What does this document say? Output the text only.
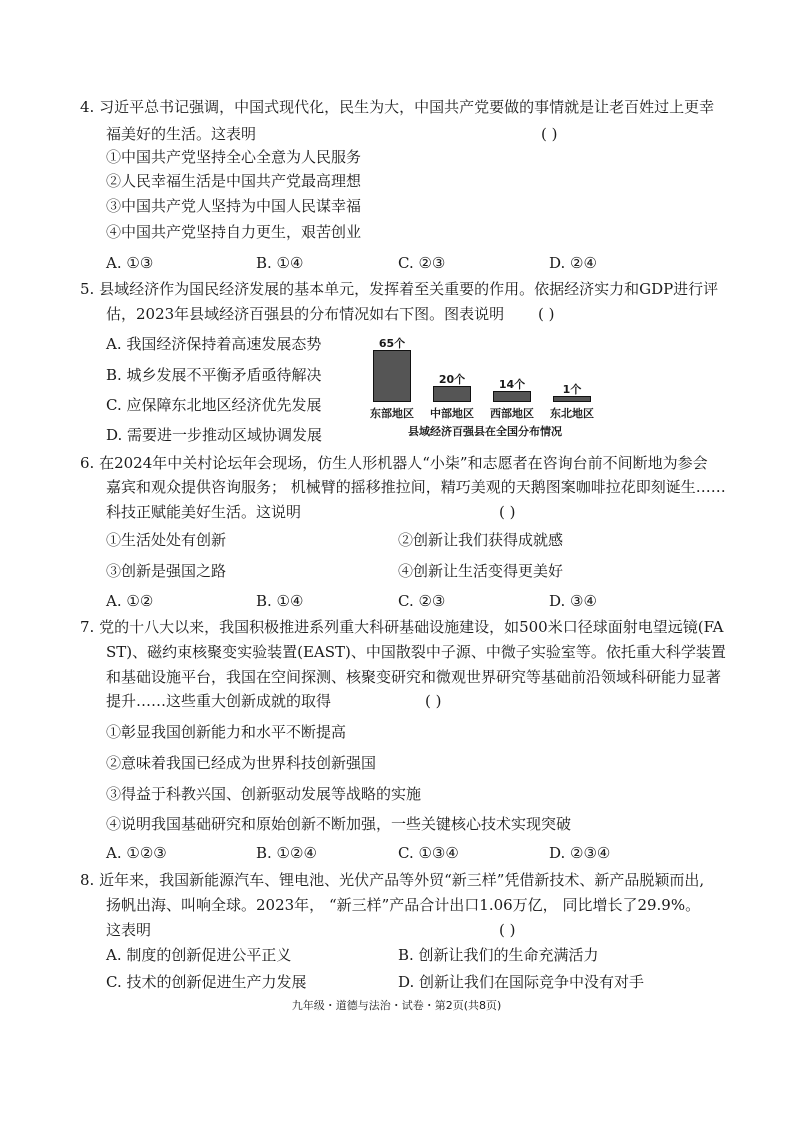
4. 习近平总书记强调，中国式现代化，民生为大，中国共产党要做的事情就是让老百姓过上更幸
福美好的生活。这表明	( )
①中国共产党坚持全心全意为人民服务
②人民幸福生活是中国共产党最高理想
③中国共产党人坚持为中国人民谋幸福
④中国共产党坚持自力更生，艰苦创业
A. ①③	B. ①④	C. ②③	D. ②④
5. 县域经济作为国民经济发展的基本单元，发挥着至关重要的作用。依据经济实力和GDP进行评
估，2023年县域经济百强县的分布情况如右下图。图表说明 ( )
A. 我国经济保持着高速发展态势
B. 城乡发展不平衡矛盾亟待解决
C. 应保障东北地区经济优先发展
D. 需要进一步推动区域协调发展	县域经济百强县在全国分布情况
65个
东部地区
20个
中部地区
14个
西部地区
1个
东北地区
6. 在2024年中关村论坛年会现场，仿生人形机器人“小柒”和志愿者在咨询台前不间断地为参会
嘉宾和观众提供咨询服务； 机械臂的摇移推拉间，精巧美观的天鹅图案咖啡拉花即刻诞生……
科技正赋能美好生活。这说明	( )
①生活处处有创新	②创新让我们获得成就感
③创新是强国之路	④创新让生活变得更美好
A. ①②	B. ①④	C. ②③	D. ③④
7. 党的十八大以来，我国积极推进系列重大科研基础设施建设，如500米口径球面射电望远镜(FA
ST)、磁约束核聚变实验装置(EAST)、中国散裂中子源、中微子实验室等。依托重大科学装置
和基础设施平台，我国在空间探测、核聚变研究和微观世界研究等基础前沿领域科研能力显著
提升……这些重大创新成就的取得	( )
①彰显我国创新能力和水平不断提高
②意味着我国已经成为世界科技创新强国
③得益于科教兴国、创新驱动发展等战略的实施
④说明我国基础研究和原始创新不断加强，一些关键核心技术实现突破
A. ①②③	B. ①②④	C. ①③④	D. ②③④
8. 近年来，我国新能源汽车、锂电池、光伏产品等外贸“新三样”凭借新技术、新产品脱颖而出,
扬帆出海、叫响全球。2023年， “新三样”产品合计出口1.06万亿， 同比增长了29.9%。
这表明	( )
A. 制度的创新促进公平正义	B. 创新让我们的生命充满活力
C. 技术的创新促进生产力发展	D. 创新让我们在国际竞争中没有对手
九年级・道德与法治・试卷・第2页(共8页)
